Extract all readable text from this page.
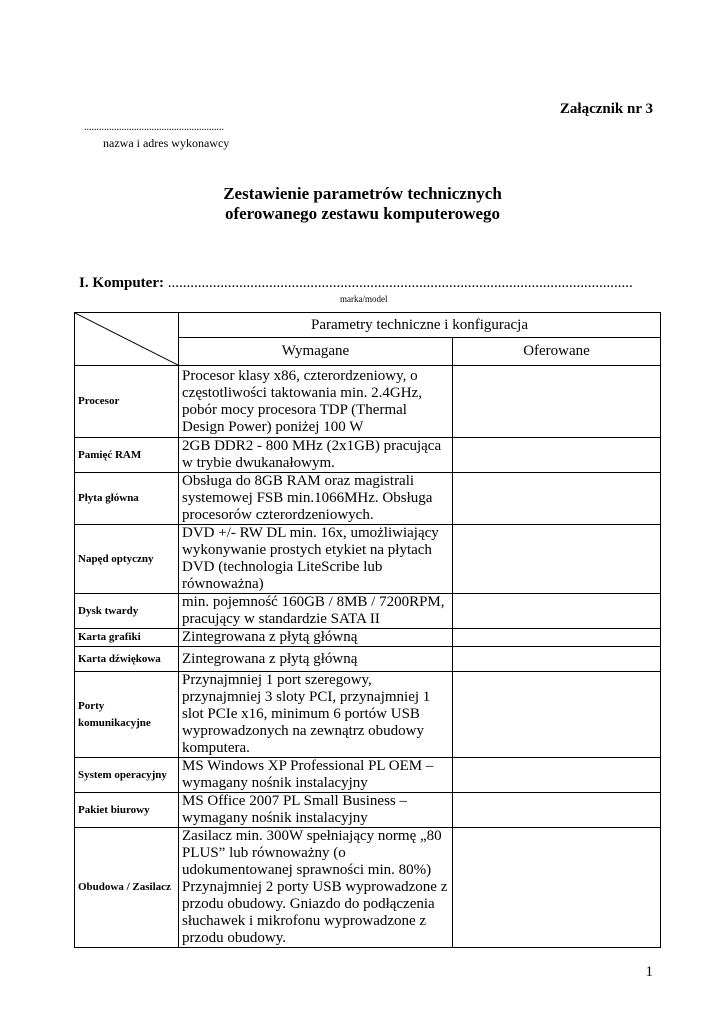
Załącznik nr 3
........................................................
nazwa i adres wykonawcy
Zestawienie parametrów technicznych
oferowanego zestawu komputerowego
I. Komputer: ............................................................................................................................
marka/model
	Parametry techniczne i konfiguracja	
	Wymagane	Oferowane
Procesor	Procesor klasy x86, czterordzeniowy, o częstotliwości taktowania min. 2.4GHz, pobór mocy procesora TDP (Thermal Design Power) poniżej 100 W	
Pamięć RAM	2GB DDR2 - 800 MHz (2x1GB) pracująca w trybie dwukanałowym.	
Płyta główna	Obsługa do 8GB RAM oraz magistrali systemowej FSB min.1066MHz. Obsługa procesorów czterordzeniowych.	
Napęd optyczny	DVD +/- RW DL min. 16x, umożliwiający wykonywanie prostych etykiet na płytach DVD (technologia LiteScribe lub równoważna)	
Dysk twardy	min. pojemność 160GB / 8MB / 7200RPM, pracujący w standardzie SATA II	
Karta grafiki	Zintegrowana z płytą główną	
Karta dźwiękowa	Zintegrowana z płytą główną	
Porty komunikacyjne	Przynajmniej 1 port szeregowy, przynajmniej 3 sloty PCI, przynajmniej 1 slot PCIe x16, minimum 6 portów USB wyprowadzonych na zewnątrz obudowy komputera.	
System operacyjny	MS Windows XP Professional PL OEM – wymagany nośnik instalacyjny	
Pakiet biurowy	MS Office 2007 PL Small Business – wymagany nośnik instalacyjny	
Obudowa / Zasilacz	Zasilacz min. 300W spełniający normę „80 PLUS” lub równoważny (o udokumentowanej sprawności min. 80%) Przynajmniej 2 porty USB wyprowadzone z przodu obudowy. Gniazdo do podłączenia słuchawek i mikrofonu wyprowadzone z przodu obudowy.	
1
